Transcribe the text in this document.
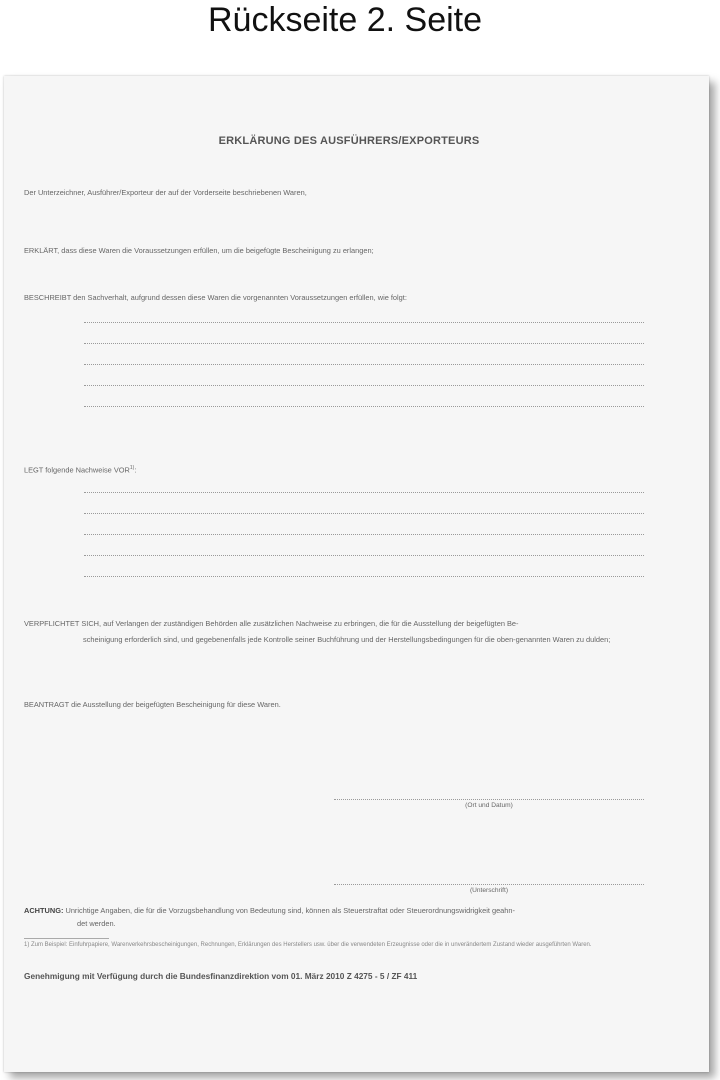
Rückseite 2. Seite
ERKLÄRUNG DES AUSFÜHRERS/EXPORTEURS
Der Unterzeichner, Ausführer/Exporteur der auf der Vorderseite beschriebenen Waren,
ERKLÄRT, dass diese Waren die Voraussetzungen erfüllen, um die beigefügte Bescheinigung zu erlangen;
BESCHREIBT den Sachverhalt, aufgrund dessen diese Waren die vorgenannten Voraussetzungen erfüllen, wie folgt:
LEGT folgende Nachweise VOR$^{1)}$:
VERPFLICHTET SICH, auf Verlangen der zuständigen Behörden alle zusätzlichen Nachweise zu erbringen, die für die Ausstellung der beigefügten Be-
scheinigung erforderlich sind, und gegebenenfalls jede Kontrolle seiner Buchführung und der Herstellungsbedingungen für die oben-genannten Waren zu dulden;
BEANTRAGT die Ausstellung der beigefügten Bescheinigung für diese Waren.
(Ort und Datum)
(Unterschrift)
ACHTUNG: Unrichtige Angaben, die für die Vorzugsbehandlung von Bedeutung sind, können als Steuerstraftat oder Steuerordnungswidrigkeit geahn-
det werden.
1) Zum Beispiel: Einfuhrpapiere, Warenverkehrsbescheinigungen, Rechnungen, Erklärungen des Herstellers usw. über die verwendeten Erzeugnisse oder die in unverändertem Zustand wieder ausgeführten Waren.
Genehmigung mit Verfügung durch die Bundesfinanzdirektion vom 01. März 2010 Z 4275 - 5 / ZF 411
